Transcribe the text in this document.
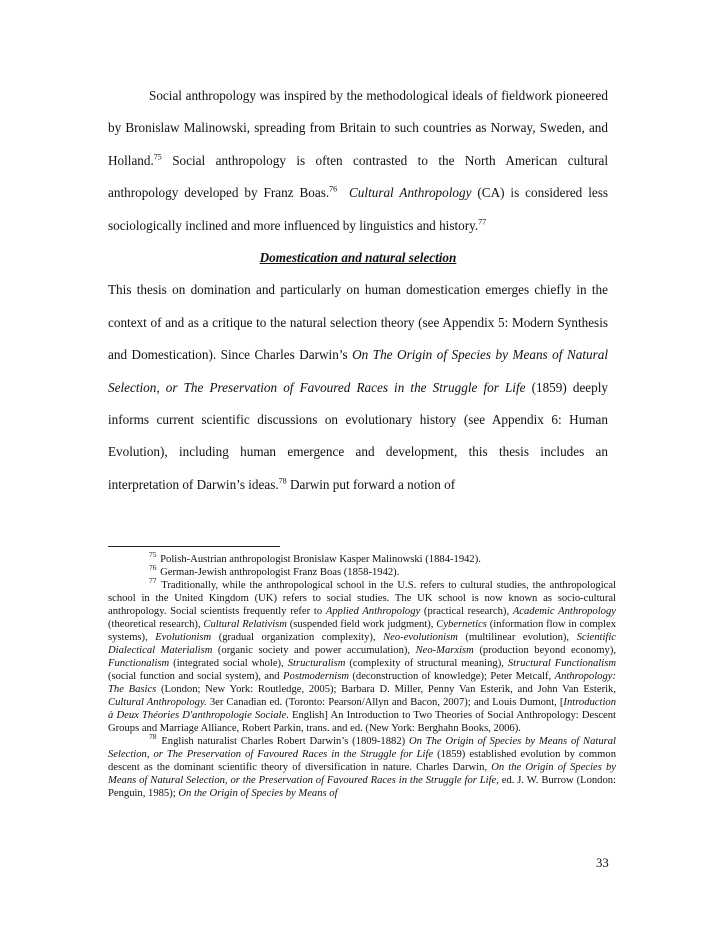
Social anthropology was inspired by the methodological ideals of fieldwork pioneered by Bronislaw Malinowski, spreading from Britain to such countries as Norway, Sweden, and Holland.$^{75}$ Social anthropology is often contrasted to the North American cultural anthropology developed by Franz Boas.$^{76}$ Cultural Anthropology (CA) is considered less sociologically inclined and more influenced by linguistics and history.$^{77}$

Domestication and natural selection

This thesis on domination and particularly on human domestication emerges chiefly in the context of and as a critique to the natural selection theory (see Appendix 5: Modern Synthesis and Domestication). Since Charles Darwin’s On The Origin of Species by Means of Natural Selection, or The Preservation of Favoured Races in the Struggle for Life (1859) deeply informs current scientific discussions on evolutionary history (see Appendix 6: Human Evolution), including human emergence and development, this thesis includes an interpretation of Darwin’s ideas.$^{78}$ Darwin put forward a notion of

$^{75}$ Polish-Austrian anthropologist Bronislaw Kasper Malinowski (1884-1942).

$^{76}$ German-Jewish anthropologist Franz Boas (1858-1942).

$^{77}$ Traditionally, while the anthropological school in the U.S. refers to cultural studies, the anthropological school in the United Kingdom (UK) refers to social studies. The UK school is now known as socio-cultural anthropology. Social scientists frequently refer to Applied Anthropology (practical research), Academic Anthropology (theoretical research), Cultural Relativism (suspended field work judgment), Cybernetics (information flow in complex systems), Evolutionism (gradual organization complexity), Neo-evolutionism (multilinear evolution), Scientific Dialectical Materialism (organic society and power accumulation), Neo-Marxism (production beyond economy), Functionalism (integrated social whole), Structuralism (complexity of structural meaning), Structural Functionalism (social function and social system), and Postmodernism (deconstruction of knowledge); Peter Metcalf, Anthropology: The Basics (London; New York: Routledge, 2005); Barbara D. Miller, Penny Van Esterik, and John Van Esterik, Cultural Anthropology. 3er Canadian ed. (Toronto: Pearson/Allyn and Bacon, 2007); and Louis Dumont, [Introduction à Deux Théories D'anthropologie Sociale. English] An Introduction to Two Theories of Social Anthropology: Descent Groups and Marriage Alliance, Robert Parkin, trans. and ed. (New York: Berghahn Books, 2006).

$^{78}$ English naturalist Charles Robert Darwin’s (1809-1882) On The Origin of Species by Means of Natural Selection, or The Preservation of Favoured Races in the Struggle for Life (1859) established evolution by common descent as the dominant scientific theory of diversification in nature. Charles Darwin, On the Origin of Species by Means of Natural Selection, or the Preservation of Favoured Races in the Struggle for Life, ed. J. W. Burrow (London: Penguin, 1985); On the Origin of Species by Means of

33
